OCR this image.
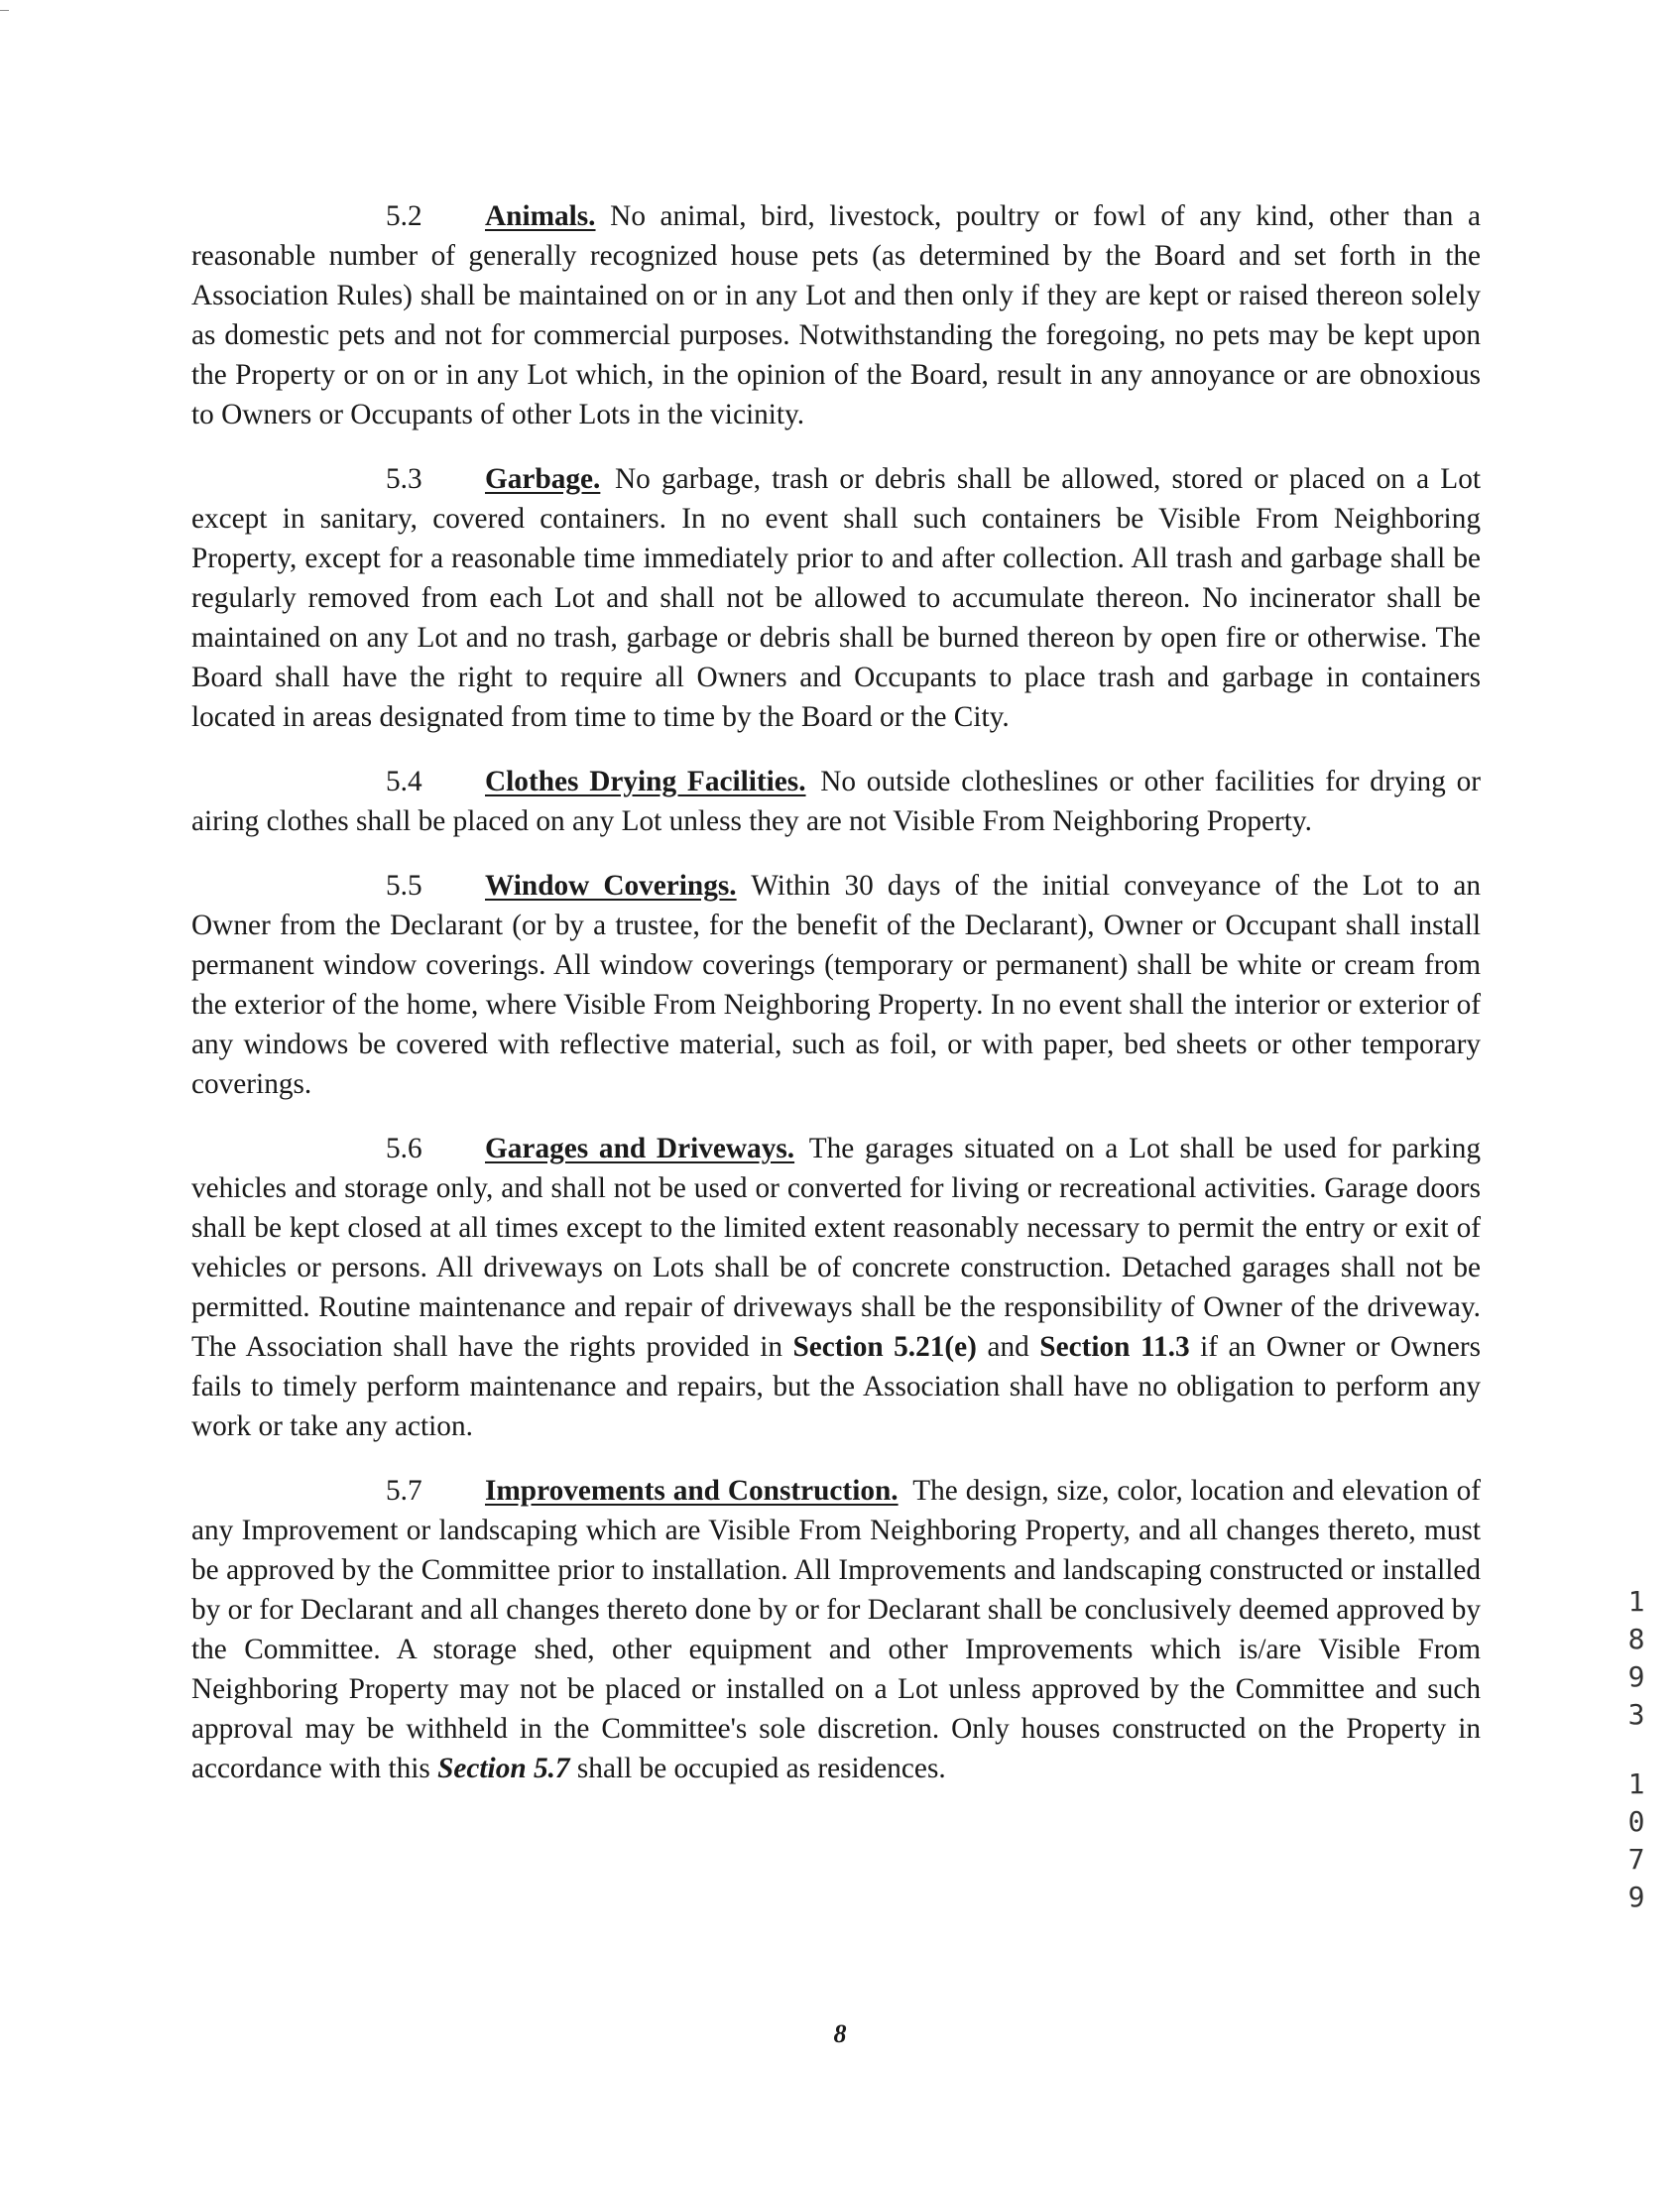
5.2 Animals.  No animal, bird, livestock, poultry or fowl of any kind, other than a reasonable number of generally recognized house pets (as determined by the Board and set forth in the Association Rules) shall be maintained on or in any Lot and then only if they are kept or raised thereon solely as domestic pets and not for commercial purposes. Notwithstanding the foregoing, no pets may be kept upon the Property or on or in any Lot which, in the opinion of the Board, result in any annoyance or are obnoxious to Owners or Occupants of other Lots in the vicinity.

5.3 Garbage.  No garbage, trash or debris shall be allowed, stored or placed on a Lot except in sanitary, covered containers. In no event shall such containers be Visible From Neighboring Property, except for a reasonable time immediately prior to and after collection. All trash and garbage shall be regularly removed from each Lot and shall not be allowed to accumulate thereon. No incinerator shall be maintained on any Lot and no trash, garbage or debris shall be burned thereon by open fire or otherwise. The Board shall have the right to require all Owners and Occupants to place trash and garbage in containers located in areas designated from time to time by the Board or the City.

5.4 Clothes Drying Facilities.  No outside clotheslines or other facilities for drying or airing clothes shall be placed on any Lot unless they are not Visible From Neighboring Property.

5.5 Window Coverings.  Within 30 days of the initial conveyance of the Lot to an Owner from the Declarant (or by a trustee, for the benefit of the Declarant), Owner or Occupant shall install permanent window coverings. All window coverings (temporary or permanent) shall be white or cream from the exterior of the home, where Visible From Neighboring Property. In no event shall the interior or exterior of any windows be covered with reflective material, such as foil, or with paper, bed sheets or other temporary coverings.

5.6 Garages and Driveways.  The garages situated on a Lot shall be used for parking vehicles and storage only, and shall not be used or converted for living or recreational activities. Garage doors shall be kept closed at all times except to the limited extent reasonably necessary to permit the entry or exit of vehicles or persons. All driveways on Lots shall be of concrete construction. Detached garages shall not be permitted. Routine maintenance and repair of driveways shall be the responsibility of Owner of the driveway. The Association shall have the rights provided in Section 5.21(e) and Section 11.3 if an Owner or Owners fails to timely perform maintenance and repairs, but the Association shall have no obligation to perform any work or take any action.

5.7 Improvements and Construction.  The design, size, color, location and elevation of any Improvement or landscaping which are Visible From Neighboring Property, and all changes thereto, must be approved by the Committee prior to installation. All Improvements and landscaping constructed or installed by or for Declarant and all changes thereto done by or for Declarant shall be conclusively deemed approved by the Committee. A storage shed, other equipment and other Improvements which is/are Visible From Neighboring Property may not be placed or installed on a Lot unless approved by the Committee and such approval may be withheld in the Committee's sole discretion. Only houses constructed on the Property in accordance with this Section 5.7 shall be occupied as residences.

1
8
9
3
1
0
7
9
8
